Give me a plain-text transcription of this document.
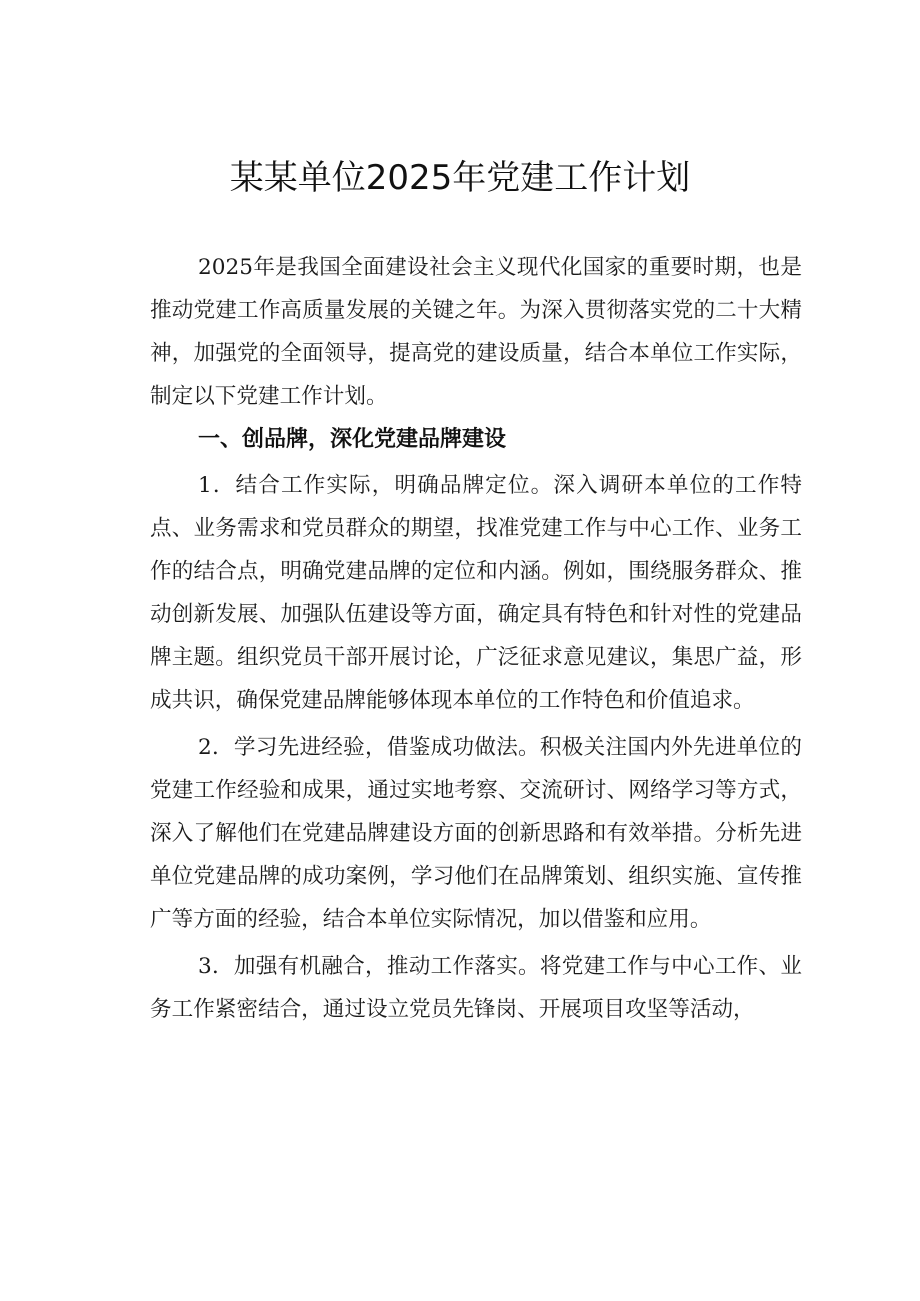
某某单位2025年党建工作计划

2025年是我国全面建设社会主义现代化国家的重要时期，也是推动党建工作高质量发展的关键之年。为深入贯彻落实党的二十大精神，加强党的全面领导，提高党的建设质量，结合本单位工作实际，制定以下党建工作计划。

一、创品牌，深化党建品牌建设

1．结合工作实际，明确品牌定位。深入调研本单位的工作特点、业务需求和党员群众的期望，找准党建工作与中心工作、业务工作的结合点，明确党建品牌的定位和内涵。例如，围绕服务群众、推动创新发展、加强队伍建设等方面，确定具有特色和针对性的党建品牌主题。组织党员干部开展讨论，广泛征求意见建议，集思广益，形成共识，确保党建品牌能够体现本单位的工作特色和价值追求。

2．学习先进经验，借鉴成功做法。积极关注国内外先进单位的党建工作经验和成果，通过实地考察、交流研讨、网络学习等方式，深入了解他们在党建品牌建设方面的创新思路和有效举措。分析先进单位党建品牌的成功案例，学习他们在品牌策划、组织实施、宣传推广等方面的经验，结合本单位实际情况，加以借鉴和应用。

3．加强有机融合，推动工作落实。将党建工作与中心工作、业务工作紧密结合，通过设立党员先锋岗、开展项目攻坚等活动，
